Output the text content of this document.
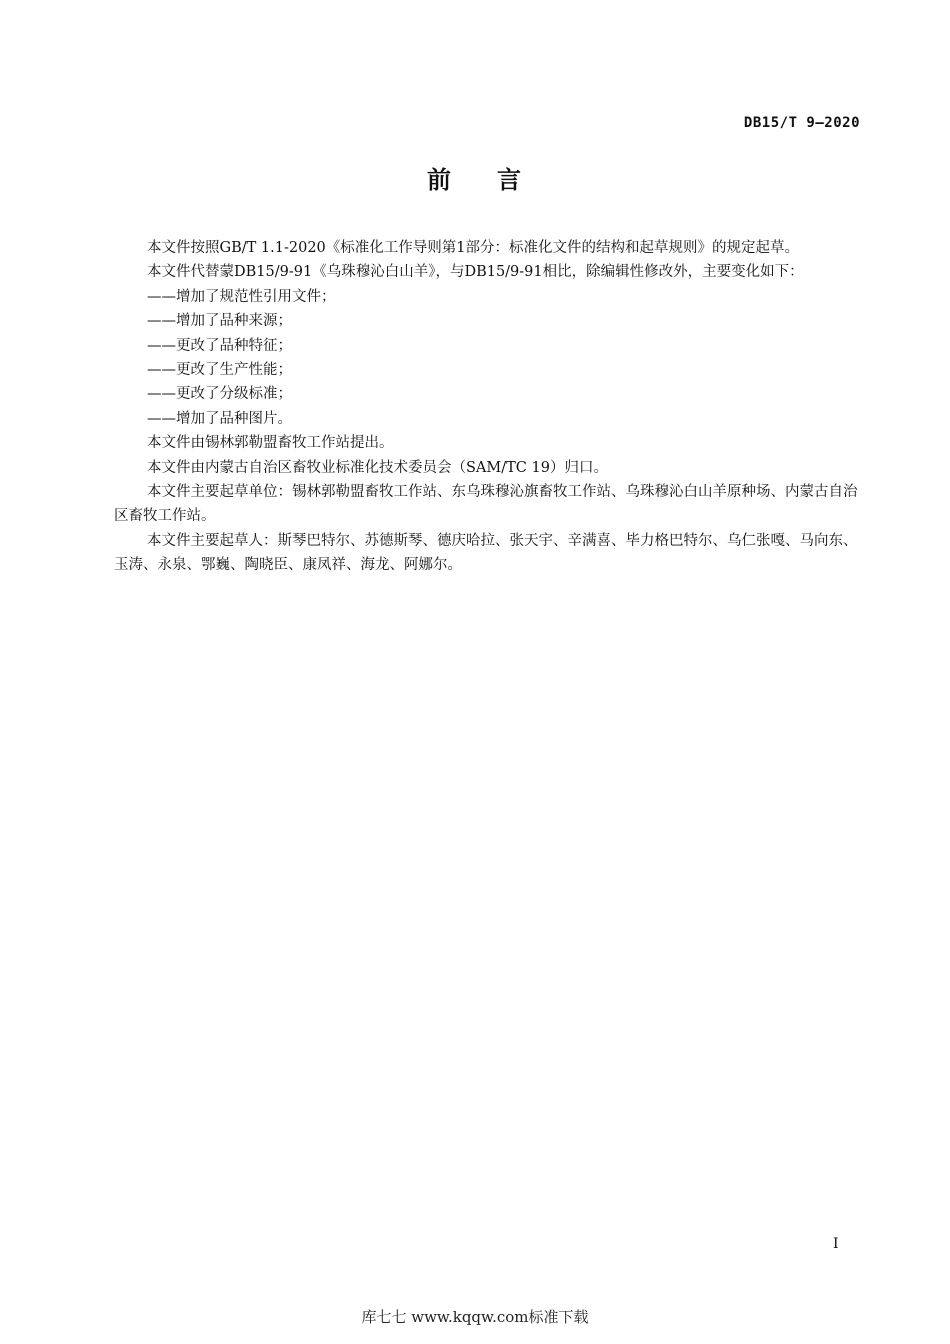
DB15/T 9—2020
前 言

本文件按照GB/T 1.1-2020《标准化工作导则第1部分：标准化文件的结构和起草规则》的规定起草。

本文件代替蒙DB15/9-91《乌珠穆沁白山羊》，与DB15/9-91相比，除编辑性修改外，主要变化如下：

——增加了规范性引用文件；

——增加了品种来源；

——更改了品种特征；

——更改了生产性能；

——更改了分级标准；

——增加了品种图片。

本文件由锡林郭勒盟畜牧工作站提出。

本文件由内蒙古自治区畜牧业标准化技术委员会（SAM/TC 19）归口。

本文件主要起草单位：锡林郭勒盟畜牧工作站、东乌珠穆沁旗畜牧工作站、乌珠穆沁白山羊原种场、内蒙古自治区畜牧工作站。

本文件主要起草人：斯琴巴特尔、苏德斯琴、德庆哈拉、张天宇、辛满喜、毕力格巴特尔、乌仁张嘎、马向东、玉涛、永泉、鄂巍、陶晓臣、康凤祥、海龙、阿娜尔。

I
库七七 www.kqqw.com标准下载
